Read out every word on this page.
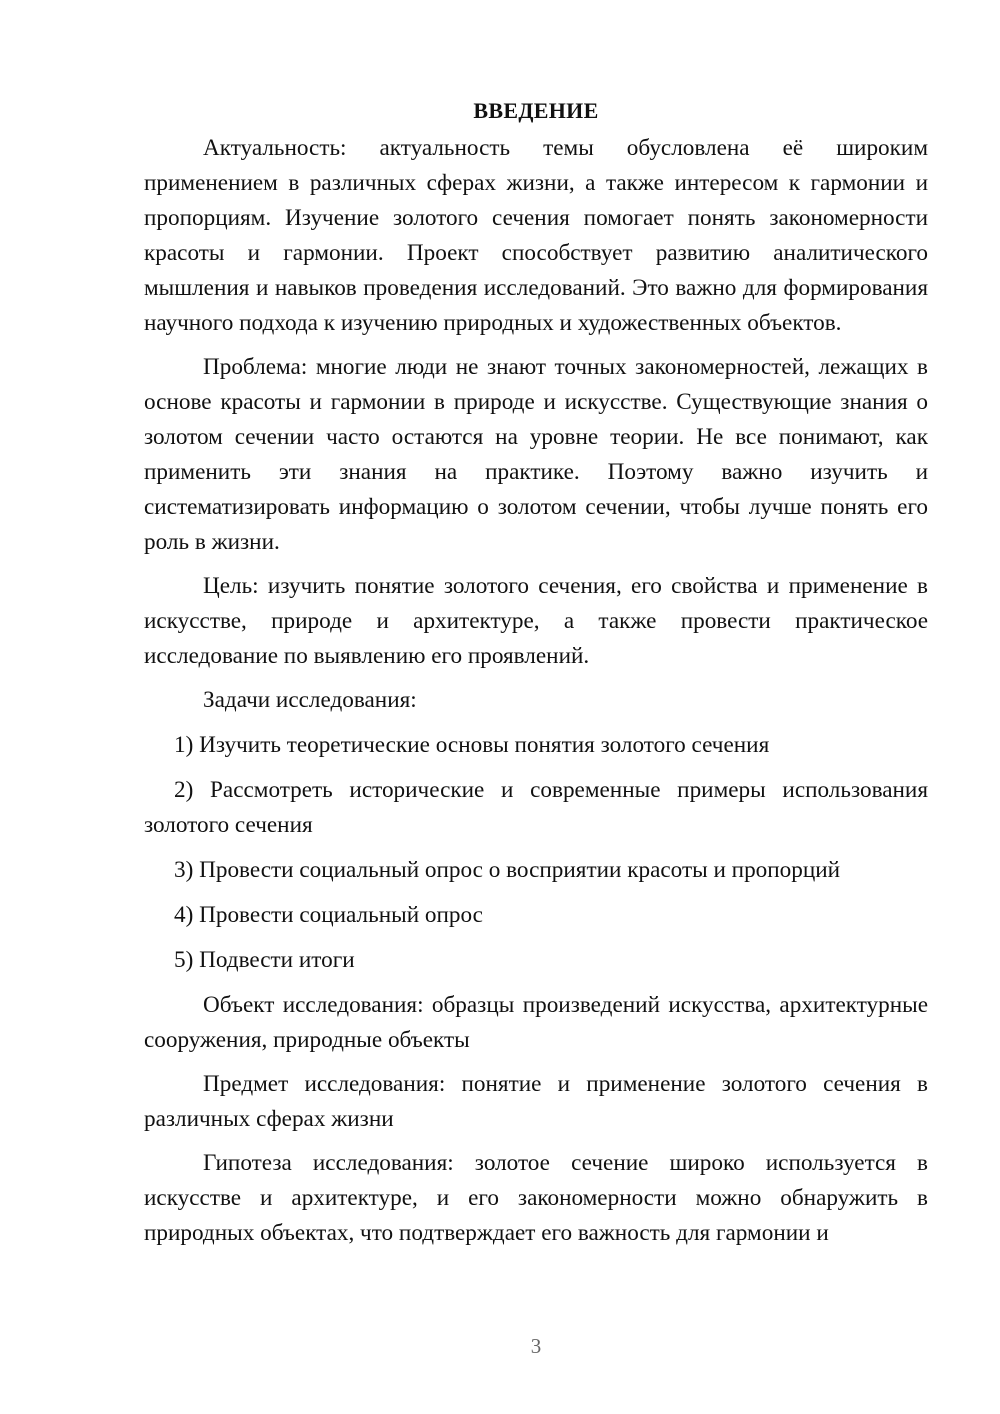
ВВЕДЕНИЕ

Актуальность: актуальность темы обусловлена её широким применением в различных сферах жизни, а также интересом к гармонии и пропорциям. Изучение золотого сечения помогает понять закономерности красоты и гармонии. Проект способствует развитию аналитического мышления и навыков проведения исследований. Это важно для формирования научного подхода к изучению природных и художественных объектов.

Проблема: многие люди не знают точных закономерностей, лежащих в основе красоты и гармонии в природе и искусстве. Существующие знания о золотом сечении часто остаются на уровне теории. Не все понимают, как применить эти знания на практике. Поэтому важно изучить и систематизировать информацию о золотом сечении, чтобы лучше понять его роль в жизни.

Цель: изучить понятие золотого сечения, его свойства и применение в искусстве, природе и архитектуре, а также провести практическое исследование по выявлению его проявлений.

Задачи исследования:

1) Изучить теоретические основы понятия золотого сечения

2) Рассмотреть исторические и современные примеры использования золотого сечения

3) Провести социальный опрос о восприятии красоты и пропорций

4) Провести социальный опрос

5) Подвести итоги

Объект исследования: образцы произведений искусства, архитектурные сооружения, природные объекты

Предмет исследования: понятие и применение золотого сечения в различных сферах жизни

Гипотеза исследования: золотое сечение широко используется в искусстве и архитектуре, и его закономерности можно обнаружить в природных объектах, что подтверждает его важность для гармонии и

3
